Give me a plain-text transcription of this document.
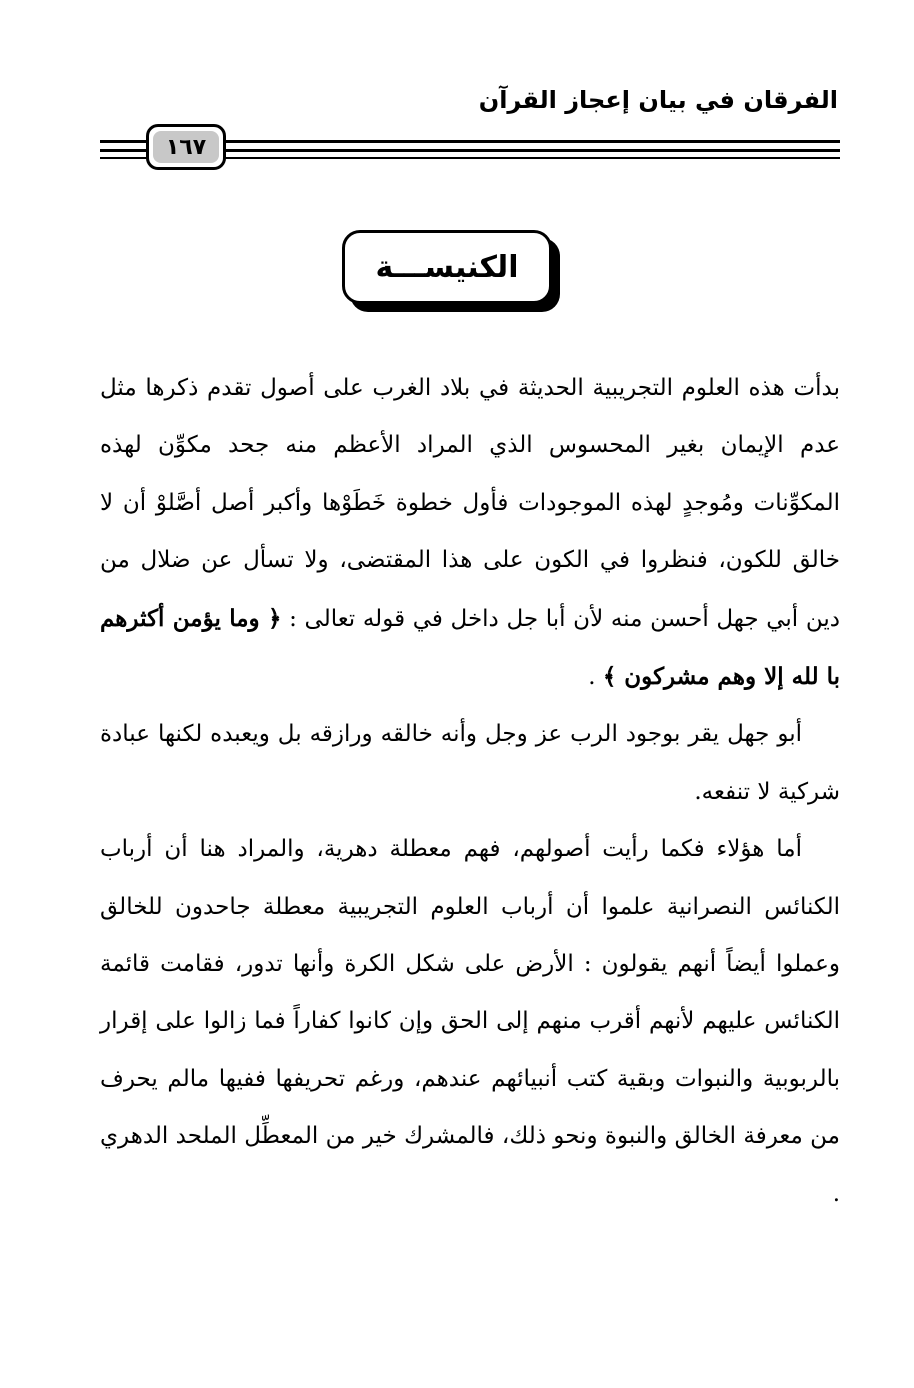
الفرقان في بيان إعجاز القرآن
١٦٧
الكنيســـة

بدأت هذه العلوم التجريبية الحديثة في بلاد الغرب على أصول تقدم ذكرها مثل عدم الإيمان بغير المحسوس الذي المراد الأعظم منه جحد مكوِّن لهذه المكوِّنات ومُوجدٍ لهذه الموجودات فأول خطوة خَطَوْها وأكبر أصل أصَّلوْ أن لا خالق للكون، فنظروا في الكون على هذا المقتضى، ولا تسأل عن ضلال من دين أبي جهل أحسن منه لأن أبا جل داخل في قوله تعالى : ﴿ وما يؤمن أكثرهم با لله إلا وهم مشركون ﴾ .

أبو جهل يقر بوجود الرب عز وجل وأنه خالقه ورازقه بل ويعبده لكنها عبادة شركية لا تنفعه.

أما هؤلاء فكما رأيت أصولهم، فهم معطلة دهرية، والمراد هنا أن أرباب الكنائس النصرانية علموا أن أرباب العلوم التجريبية معطلة جاحدون للخالق وعملوا أيضاً أنهم يقولون : الأرض على شكل الكرة وأنها تدور، فقامت قائمة الكنائس عليهم لأنهم أقرب منهم إلى الحق وإن كانوا كفاراً فما زالوا على إقرار بالربوبية والنبوات وبقية كتب أنبيائهم عندهم، ورغم تحريفها ففيها مالم يحرف من معرفة الخالق والنبوة ونحو ذلك، فالمشرك خير من المعطِّل الملحد الدهري .
